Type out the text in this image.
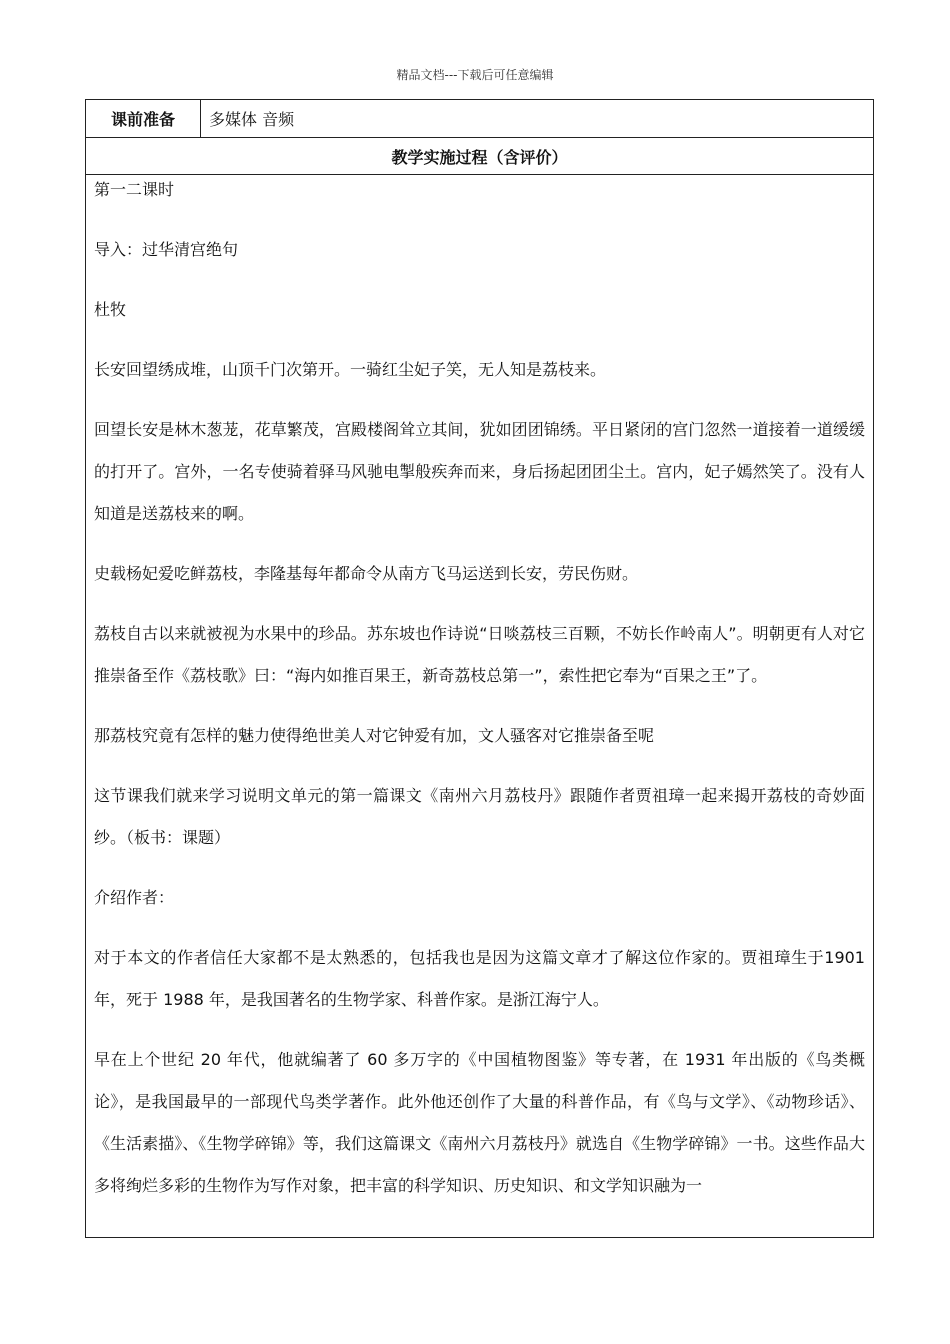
精品文档---下载后可任意编辑
课前准备	多媒体 音频
教学实施过程（含评价）

第一二课时

导入：过华清宫绝句

杜牧

长安回望绣成堆，山顶千门次第开。一骑红尘妃子笑，无人知是荔枝来。

回望长安是林木葱茏，花草繁茂，宫殿楼阁耸立其间，犹如团团锦绣。平日紧闭的宫门忽然一道接着一道缓缓的打开了。宫外，一名专使骑着驿马风驰电掣般疾奔而来，身后扬起团团尘土。宫内，妃子嫣然笑了。没有人知道是送荔枝来的啊。

史载杨妃爱吃鲜荔枝，李隆基每年都命令从南方飞马运送到长安，劳民伤财。

荔枝自古以来就被视为水果中的珍品。苏东坡也作诗说“日啖荔枝三百颗，不妨长作岭南人”。明朝更有人对它推崇备至作《荔枝歌》曰：“海内如推百果王，新奇荔枝总第一”，索性把它奉为“百果之王”了。

那荔枝究竟有怎样的魅力使得绝世美人对它钟爱有加，文人骚客对它推崇备至呢

这节课我们就来学习说明文单元的第一篇课文《南州六月荔枝丹》跟随作者贾祖璋一起来揭开荔枝的奇妙面纱。（板书：课题）

介绍作者：

对于本文的作者信任大家都不是太熟悉的，包括我也是因为这篇文章才了解这位作家的。贾祖璋生于1901 年，死于 1988 年，是我国著名的生物学家、科普作家。是浙江海宁人。

早在上个世纪 20 年代，他就编著了 60 多万字的《中国植物图鉴》等专著，在 1931 年出版的《鸟类概论》，是我国最早的一部现代鸟类学著作。此外他还创作了大量的科普作品，有《鸟与文学》、《动物珍话》、《生活素描》、《生物学碎锦》等，我们这篇课文《南州六月荔枝丹》就选自《生物学碎锦》一书。这些作品大多将绚烂多彩的生物作为写作对象，把丰富的科学知识、历史知识、和文学知识融为一
